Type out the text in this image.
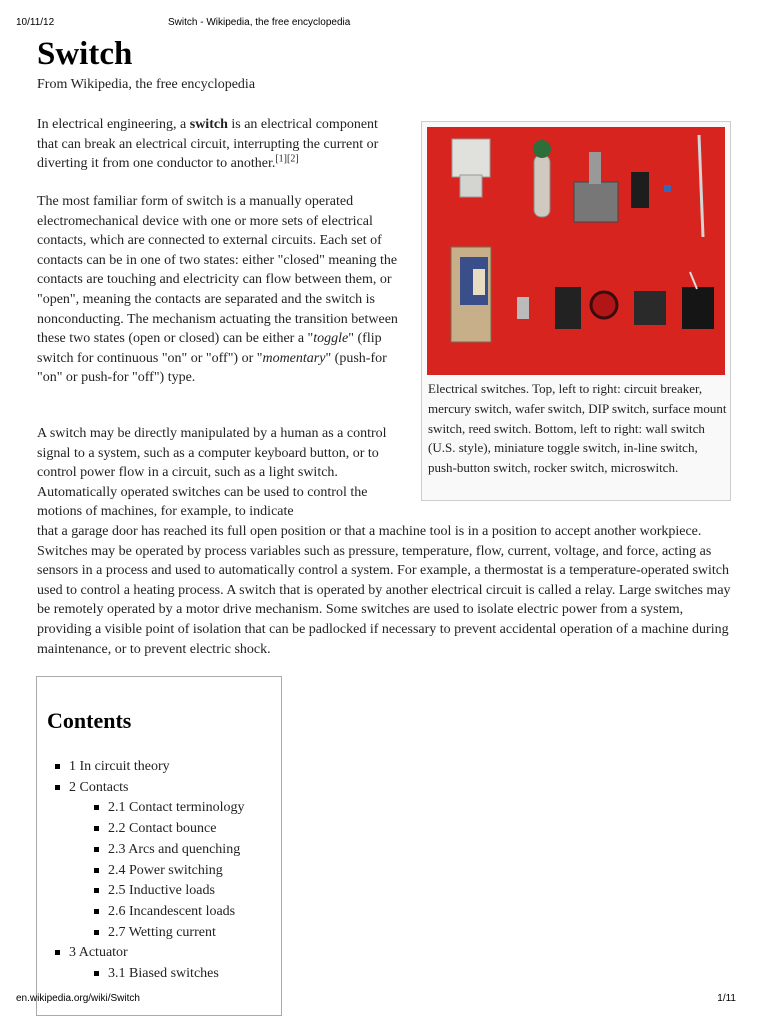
10/11/12	Switch - Wikipedia, the free encyclopedia
Switch

From Wikipedia, the free encyclopedia

In electrical engineering, a switch is an electrical component that can break an electrical circuit, interrupting the current or diverting it from one conductor to another.[1][2]

The most familiar form of switch is a manually operated electromechanical device with one or more sets of electrical contacts, which are connected to external circuits. Each set of contacts can be in one of two states: either "closed" meaning the contacts are touching and electricity can flow between them, or "open", meaning the contacts are separated and the switch is nonconducting. The mechanism actuating the transition between these two states (open or closed) can be either a "toggle" (flip switch for continuous "on" or "off") or "momentary" (push-for "on" or push-for "off") type.

Electrical switches. Top, left to right: circuit breaker, mercury switch, wafer switch, DIP switch, surface mount switch, reed switch. Bottom, left to right: wall switch (U.S. style), miniature toggle switch, in-line switch, push-button switch, rocker switch, microswitch.

A switch may be directly manipulated by a human as a control signal to a system, such as a computer keyboard button, or to control power flow in a circuit, such as a light switch. Automatically operated switches can be used to control the motions of machines, for example, to indicate

that a garage door has reached its full open position or that a machine tool is in a position to accept another workpiece. Switches may be operated by process variables such as pressure, temperature, flow, current, voltage, and force, acting as sensors in a process and used to automatically control a system. For example, a thermostat is a temperature-operated switch used to control a heating process. A switch that is operated by another electrical circuit is called a relay. Large switches may be remotely operated by a motor drive mechanism. Some switches are used to isolate electric power from a system, providing a visible point of isolation that can be padlocked if necessary to prevent accidental operation of a machine during maintenance, or to prevent electric shock.

Contents
1 In circuit theory
2 Contacts
2.1 Contact terminology
2.2 Contact bounce
2.3 Arcs and quenching
2.4 Power switching
2.5 Inductive loads
2.6 Incandescent loads
2.7 Wetting current
3 Actuator
3.1 Biased switches
en.wikipedia.org/wiki/Switch	1/11
